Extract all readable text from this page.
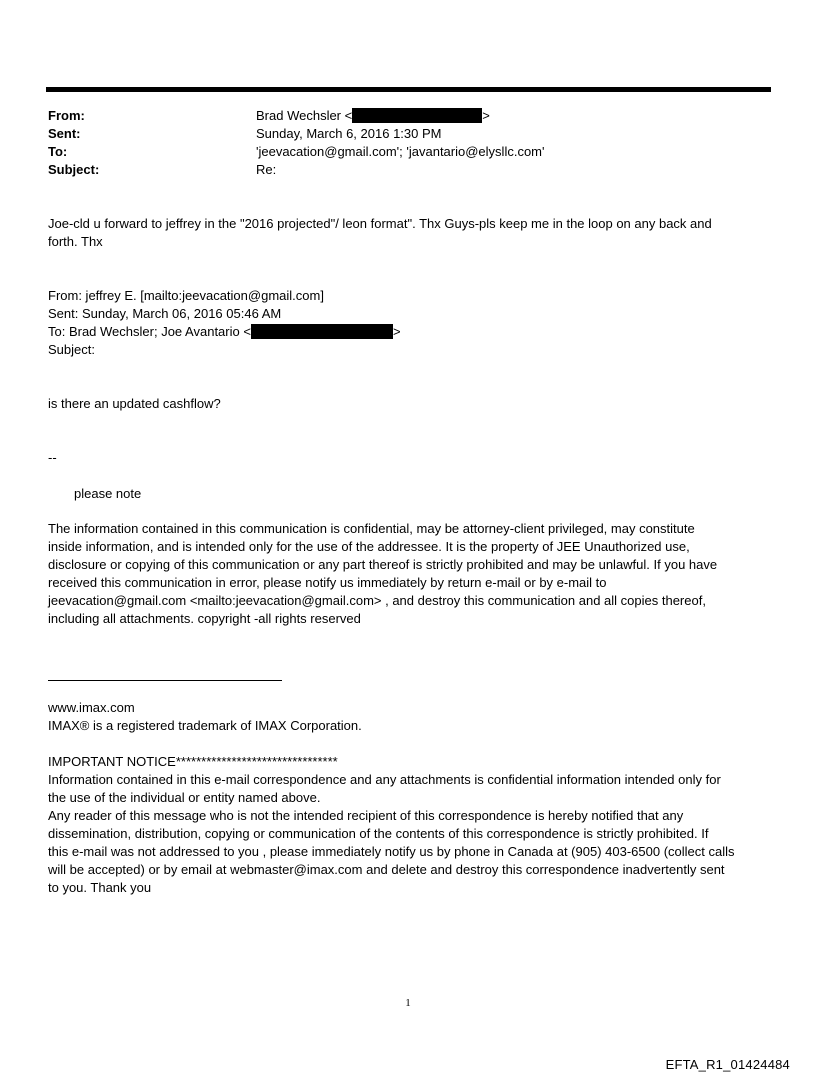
From:	Brad Wechsler <	>
Sent:	Sunday, March 6, 2016 1:30 PM
To:	'jeevacation@gmail.com'; 'javantario@elysllc.com'
Subject:	Re:
Joe-cld u forward to jeffrey in the "2016 projected"/ leon format". Thx Guys-pls keep me in the loop on any back and
forth. Thx
From: jeffrey E. [mailto:jeevacation@gmail.com]
Sent: Sunday, March 06, 2016 05:46 AM
To: Brad Wechsler; Joe Avantario <	>
Subject:
is there an updated cashflow?
--
please note
The information contained in this communication is confidential, may be attorney-client privileged, may constitute
inside information, and is intended only for the use of the addressee. It is the property of JEE Unauthorized use,
disclosure or copying of this communication or any part thereof is strictly prohibited and may be unlawful. If you have
received this communication in error, please notify us immediately by return e-mail or by e-mail to
jeevacation@gmail.com <mailto:jeevacation@gmail.com> , and destroy this communication and all copies thereof,
including all attachments. copyright -all rights reserved
www.imax.com
IMAX® is a registered trademark of IMAX Corporation.
IMPORTANT NOTICE********************************
Information contained in this e-mail correspondence and any attachments is confidential information intended only for
the use of the individual or entity named above.
Any reader of this message who is not the intended recipient of this correspondence is hereby notified that any
dissemination, distribution, copying or communication of the contents of this correspondence is strictly prohibited. If
this e-mail was not addressed to you , please immediately notify us by phone in Canada at (905) 403-6500 (collect calls
will be accepted) or by email at webmaster@imax.com and delete and destroy this correspondence inadvertently sent
to you. Thank you
1
EFTA_R1_01424484
